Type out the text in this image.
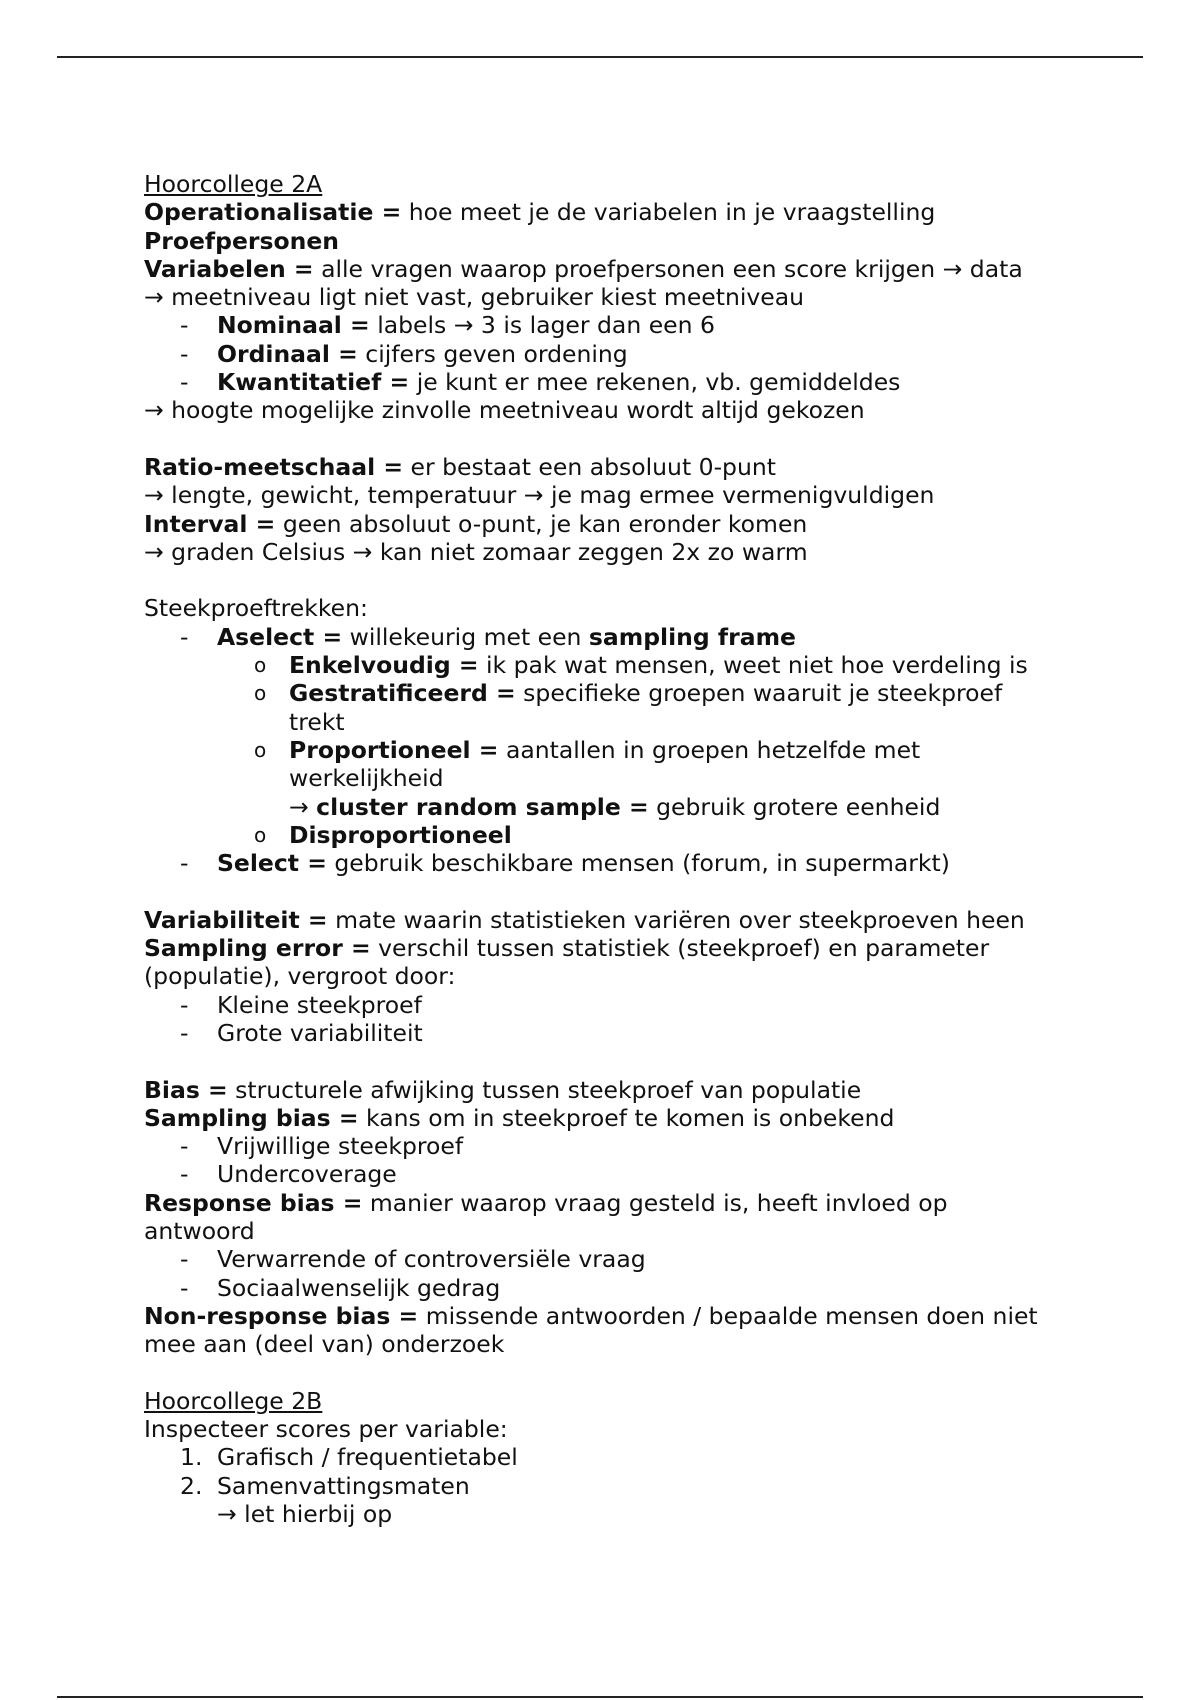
Hoorcollege 2A
Operationalisatie = hoe meet je de variabelen in je vraagstelling
Proefpersonen
Variabelen = alle vragen waarop proefpersonen een score krijgen → data
→ meetniveau ligt niet vast, gebruiker kiest meetniveau
- Nominaal = labels → 3 is lager dan een 6
- Ordinaal = cijfers geven ordening
- Kwantitatief = je kunt er mee rekenen, vb. gemiddeldes
→ hoogte mogelijke zinvolle meetniveau wordt altijd gekozen
Ratio-meetschaal = er bestaat een absoluut 0-punt
→ lengte, gewicht, temperatuur → je mag ermee vermenigvuldigen
Interval = geen absoluut o-punt, je kan eronder komen
→ graden Celsius → kan niet zomaar zeggen 2x zo warm
Steekproeftrekken:
- Aselect = willekeurig met een sampling frame
o Enkelvoudig = ik pak wat mensen, weet niet hoe verdeling is
o Gestratificeerd = specifieke groepen waaruit je steekproef trekt
o Proportioneel = aantallen in groepen hetzelfde met werkelijkheid
→ cluster random sample = gebruik grotere eenheid
o Disproportioneel
- Select = gebruik beschikbare mensen (forum, in supermarkt)
Variabiliteit = mate waarin statistieken variëren over steekproeven heen
Sampling error = verschil tussen statistiek (steekproef) en parameter (populatie), vergroot door:
- Kleine steekproef
- Grote variabiliteit
Bias = structurele afwijking tussen steekproef van populatie
Sampling bias = kans om in steekproef te komen is onbekend
- Vrijwillige steekproef
- Undercoverage
Response bias = manier waarop vraag gesteld is, heeft invloed op antwoord
- Verwarrende of controversiële vraag
- Sociaalwenselijk gedrag
Non-response bias = missende antwoorden / bepaalde mensen doen niet mee aan (deel van) onderzoek
Hoorcollege 2B
Inspecteer scores per variable:
1. Grafisch / frequentietabel
2. Samenvattingsmaten
→ let hierbij op
